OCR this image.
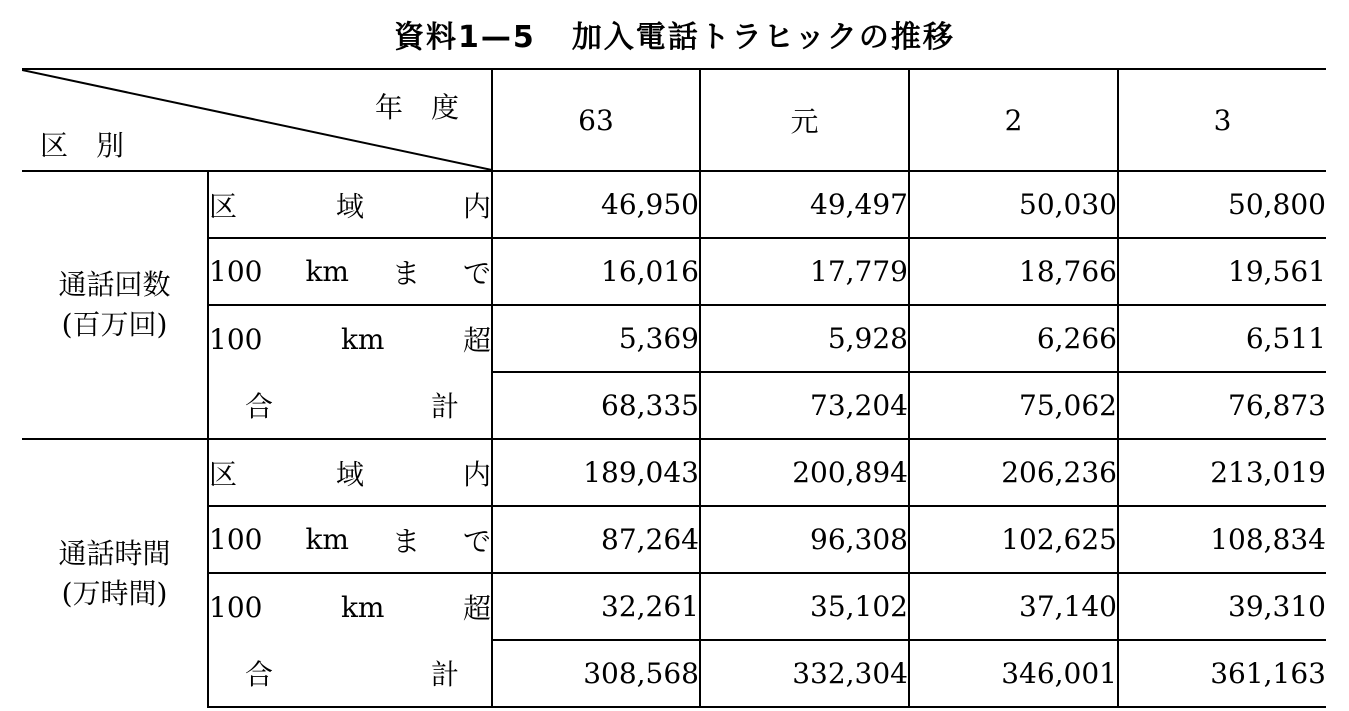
資料1—5 加入電話トラヒックの推移
年　度
区　別		63	元	2	3

通話回数
(百万回)	区 域 内	46,950	49,497	50,030	50,800

	100 km ま で	16,016	17,779	18,766	19,561

	100 km 超	5,369	5,928	6,266	6,511

	合 計	68,335	73,204	75,062	76,873

通話時間
(万時間)	区 域 内	189,043	200,894	206,236	213,019

	100 km ま で	87,264	96,308	102,625	108,834

	100 km 超	32,261	35,102	37,140	39,310

	合 計	308,568	332,304	346,001	361,163
